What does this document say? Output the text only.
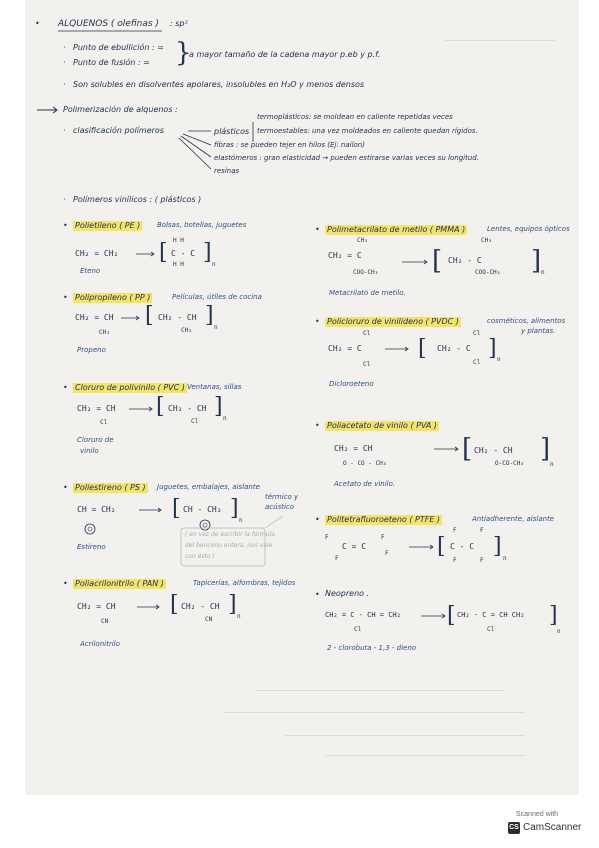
• ALQUENOS ( olefinas ) : sp²
· Punto de ebullición : =
· Punto de fusión : = }
a mayor tamaño de la cadena mayor p.eb y p.f.
· Son solubles en disolventes apolares, insolubles en H₂O y menos densos
Polimerización de alquenos :
· clasificación polímeros	plásticos
termoplásticos: se moldean en caliente repetidas veces
termoestables: una vez moldeados en caliente quedan rígidos.
fibras : se pueden tejer en hilos (Ej: nailon)
elastómeros : gran elasticidad → pueden estirarse varias veces su longitud.
resinas
· Polímeros vinílicos : ( plásticos )
• Polietileno ( PE ) Bolsas, botellas, juguetes
CH₂ = CH₂ [ H H
C - C
H H ] n
Eteno
• Polipropileno ( PP )	Películas, útiles de cocina
CH₂ = CH
CH₃
[ CH₂ - CH
CH₃
] n
Propeno
• Cloruro de polivinilo ( PVC ) Ventanas, sillas
CH₂ = CH
Cl
[ CH₂ - CH
Cl
] n
Cloruro de
vinilo
• Poliestireno ( PS ) Juguetes, embalajes, aislante
térmico y
acústico
CH = CH₂	[ CH - CH₂ ] n
( en vez de escribir la fórmula
del benceno entera, nos vale
con ésto )
Estireno
• Poliacrilonitrilo ( PAN )	Tapicerías, alfombras, tejidos
CH₂ = CH
CN
[ CH₂ - CH
CN
] n
Acrilonitrilo
• Polimetacrilato de metilo ( PMMA )	Lentes, equipos ópticos
CH₃
CH₂ = C
COO-CH₃ [
CH₃
CH₂ - C
COO-CH₃ ] n
Metacrilato de metilo.
• Policloruro de vinilideno ( PVDC )	cosméticos, alimentos
y plantas.
Cl
CH₂ = C
Cl
[
Cl
CH₂ - C
Cl
] n
Dicloroeteno
• Poliacetato de vinilo ( PVA )
CH₂ = CH
O - CO - CH₃	[ CH₂ - CH
O-CO-CH₃ ]
n
Acetato de vinilo.
• Politetrafluoroeteno ( PTFE )	Antiadherente, aislante
F
F
C = C
F
F [
F	F
C - C
F	F
] n
• Neopreno .
CH₂ = C - CH = CH₂
Cl
[ CH₂ - C = CH CH₂
Cl
]
n
2 - clorobuta - 1,3 - dieno
Scanned with
CS CamScanner
